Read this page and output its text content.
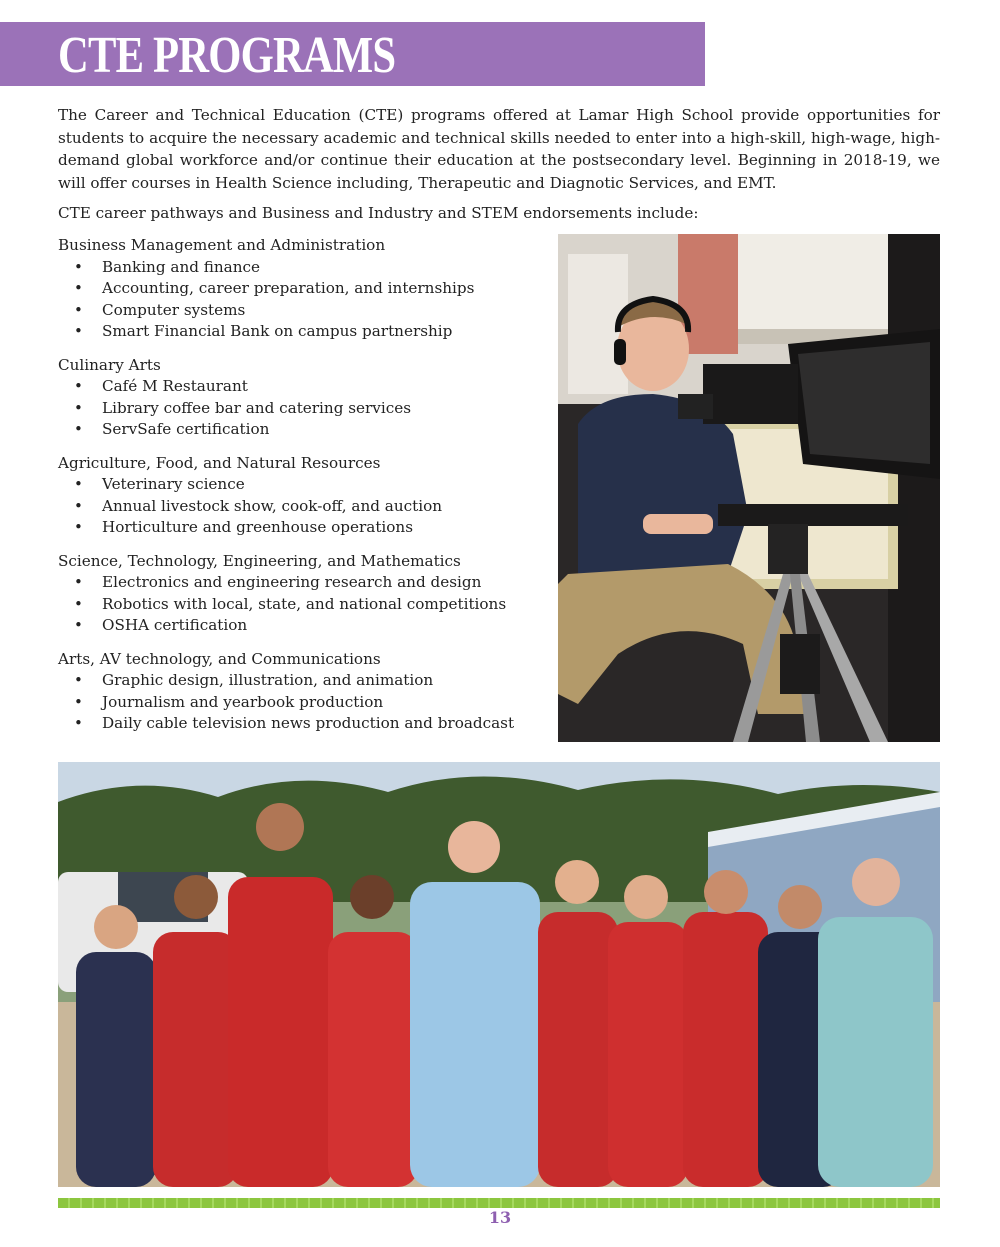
CTE PROGRAMS

The Career and Technical Education (CTE) programs offered at Lamar High School provide opportunities for students to acquire the necessary academic and technical skills needed to enter into a high-skill, high-wage, high-demand global workforce and/or continue their education at the postsecondary level. Beginning in 2018-19, we will offer courses in Health Science including, Therapeutic and Diagnotic Services, and EMT.

CTE career pathways and Business and Industry and STEM endorsements include:

Business Management and Administration
• Banking and finance
• Accounting, career preparation, and internships
• Computer systems
• Smart Financial Bank on campus partnership
Culinary Arts
• Café M Restaurant
• Library coffee bar and catering services
• ServSafe certification
Agriculture, Food, and Natural Resources
• Veterinary science
• Annual livestock show, cook-off, and auction
• Horticulture and greenhouse operations
Science, Technology, Engineering, and Mathematics
• Electronics and engineering research and design
• Robotics with local, state, and national competitions
• OSHA certification
Arts, AV technology, and Communications
• Graphic design, illustration, and animation
• Journalism and yearbook production
• Daily cable television news production and broadcast
13
